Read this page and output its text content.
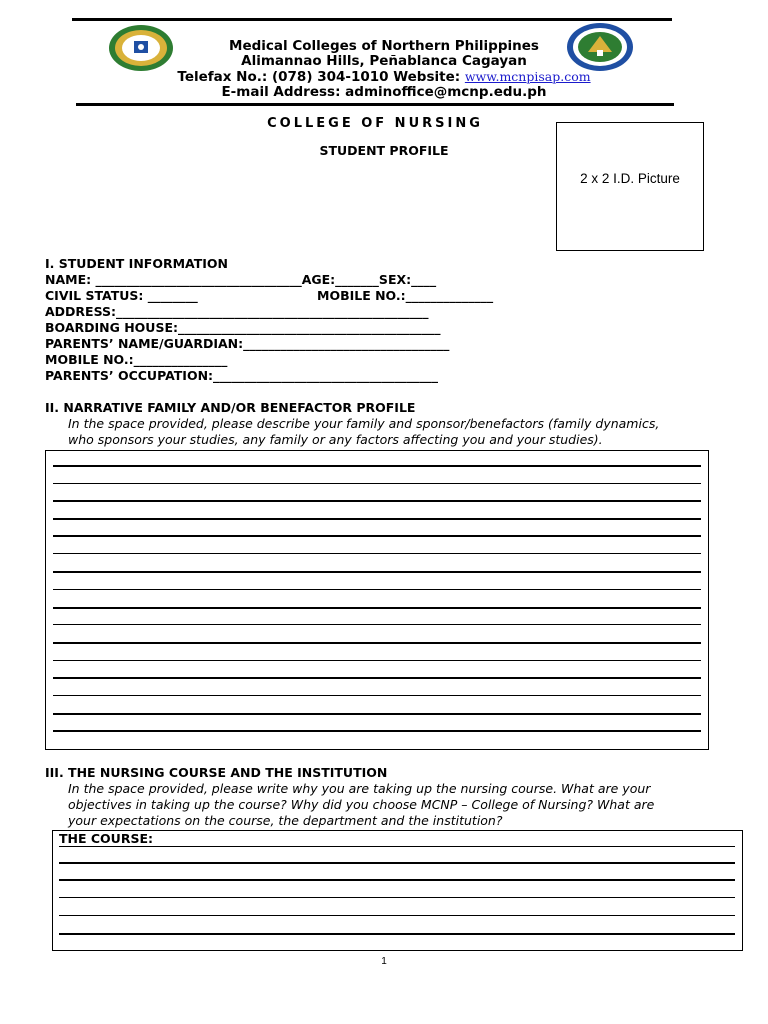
Medical Colleges of Northern Philippines
Alimannao Hills, Peñablanca Cagayan
Telefax No.: (078) 304-1010 Website: www.mcnpisap.com
E-mail Address: adminoffice@mcnp.edu.ph
COLLEGE OF NURSING
STUDENT PROFILE
2 x 2 I.D. Picture
I. STUDENT INFORMATION
NAME: _________________________________AGE:_______SEX:____
CIVIL STATUS: ________	MOBILE NO.:______________
ADDRESS:__________________________________________________
BOARDING HOUSE:__________________________________________
PARENTS’ NAME/GUARDIAN:_________________________________
MOBILE NO.:_______________
PARENTS’ OCCUPATION:____________________________________
II. NARRATIVE FAMILY AND/OR BENEFACTOR PROFILE
In the space provided, please describe your family and sponsor/benefactors (family dynamics,
who sponsors your studies, any family or any factors affecting you and your studies).
III. THE NURSING COURSE AND THE INSTITUTION
In the space provided, please write why you are taking up the nursing course. What are your
objectives in taking up the course? Why did you choose MCNP – College of Nursing? What are
your expectations on the course, the department and the institution?
THE COURSE:
1
